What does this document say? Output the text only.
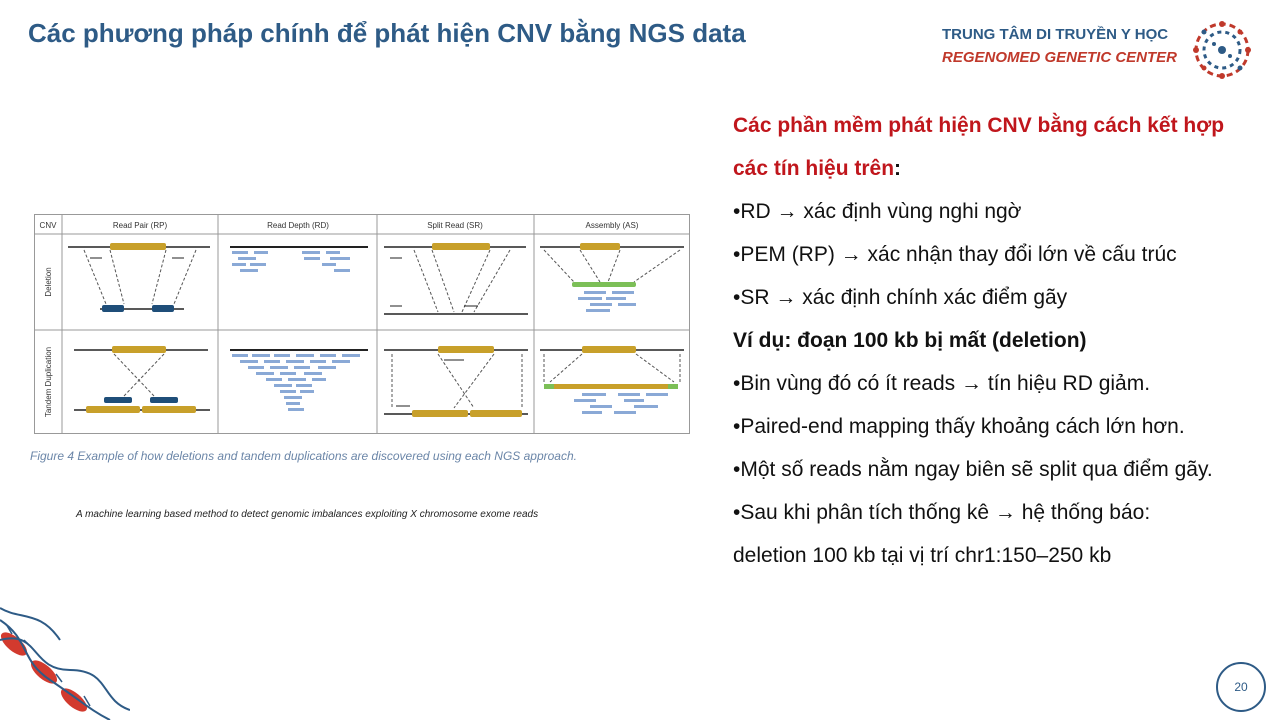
Các phương pháp chính để phát hiện CNV bằng NGS data	TRUNG TÂM DI TRUYỀN Y HỌC
REGENOMED GENETIC CENTER
CNV	Read Pair (RP)	Read Depth (RD)	Split Read (SR)	Assembly (AS)
Deletion
Tandem Duplication
Figure 4 Example of how deletions and tandem duplications are discovered using each NGS approach.
A machine learning based method to detect genomic imbalances exploiting X chromosome exome reads
Các phần mềm phát hiện CNV bằng cách kết hợp
các tín hiệu trên:
•RD → xác định vùng nghi ngờ
•PEM (RP) → xác nhận thay đổi lớn về cấu trúc
•SR → xác định chính xác điểm gãy
Ví dụ: đoạn 100 kb bị mất (deletion)
•Bin vùng đó có ít reads → tín hiệu RD giảm.
•Paired-end mapping thấy khoảng cách lớn hơn.
•Một số reads nằm ngay biên sẽ split qua điểm gãy.
•Sau khi phân tích thống kê → hệ thống báo:
deletion 100 kb tại vị trí chr1:150–250 kb
20
